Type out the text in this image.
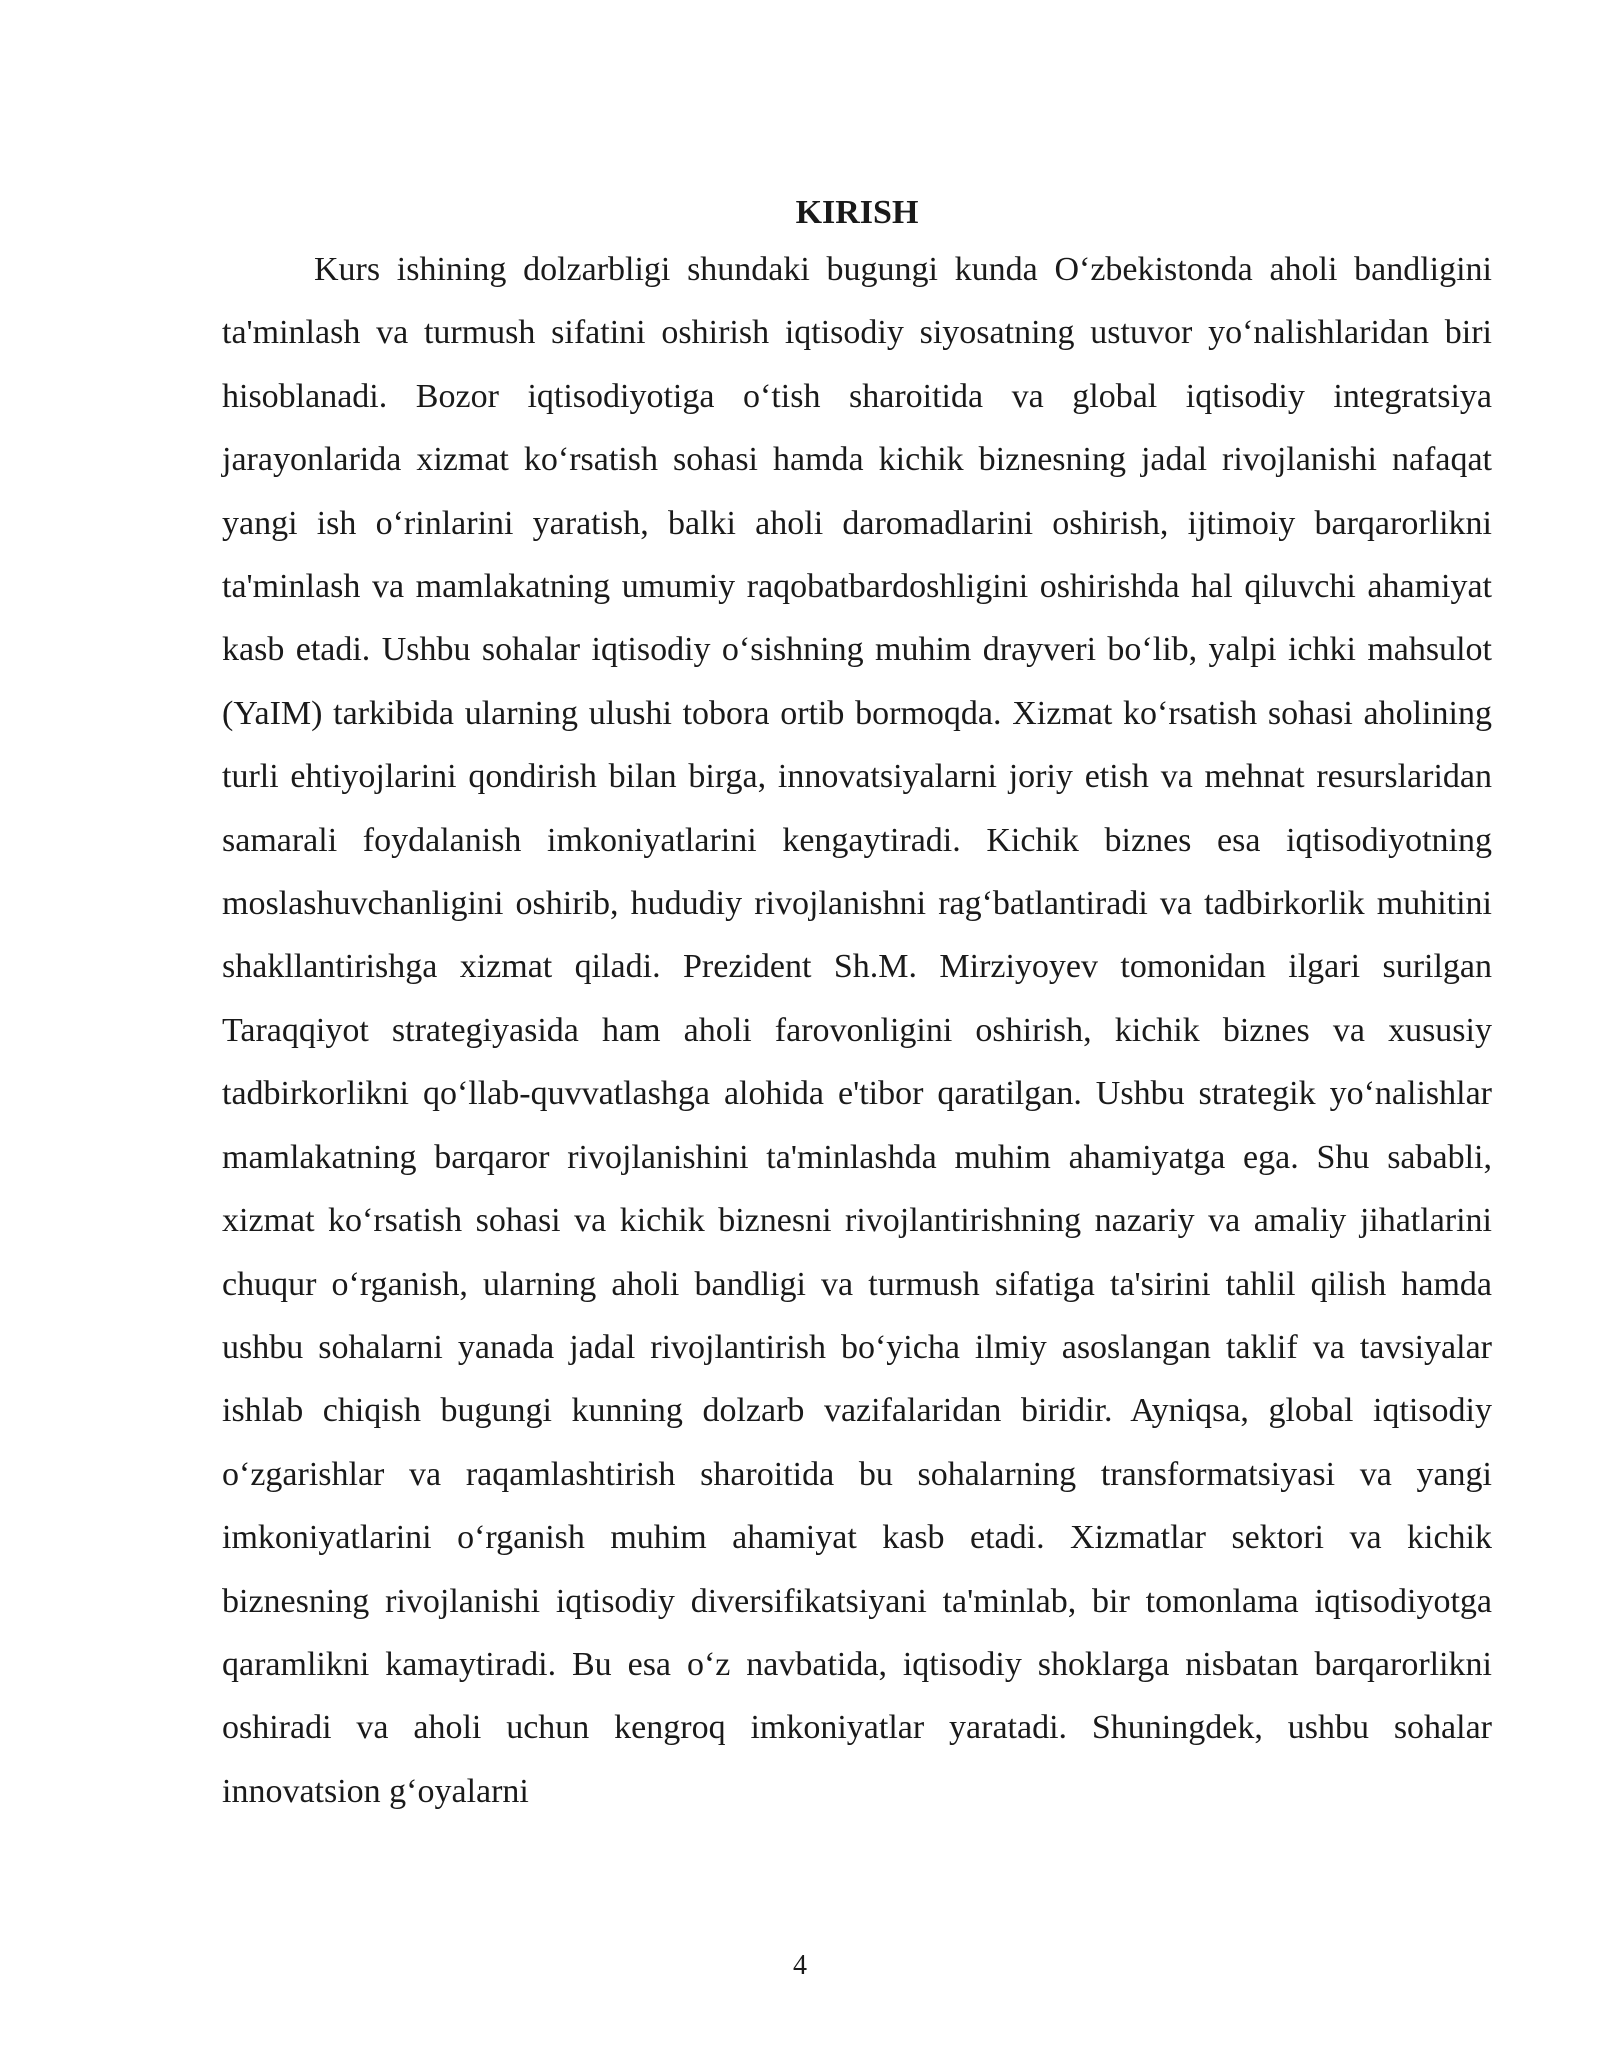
KIRISH

Kurs ishining dolzarbligi shundaki bugungi kunda O‘zbekistonda aholi bandligini ta'minlash va turmush sifatini oshirish iqtisodiy siyosatning ustuvor yo‘nalishlaridan biri hisoblanadi. Bozor iqtisodiyotiga o‘tish sharoitida va global iqtisodiy integratsiya jarayonlarida xizmat ko‘rsatish sohasi hamda kichik biznesning jadal rivojlanishi nafaqat yangi ish o‘rinlarini yaratish, balki aholi daromadlarini oshirish, ijtimoiy barqarorlikni ta'minlash va mamlakatning umumiy raqobatbardoshligini oshirishda hal qiluvchi ahamiyat kasb etadi. Ushbu sohalar iqtisodiy o‘sishning muhim drayveri bo‘lib, yalpi ichki mahsulot (YaIM) tarkibida ularning ulushi tobora ortib bormoqda. Xizmat ko‘rsatish sohasi aholining turli ehtiyojlarini qondirish bilan birga, innovatsiyalarni joriy etish va mehnat resurslaridan samarali foydalanish imkoniyatlarini kengaytiradi. Kichik biznes esa iqtisodiyotning moslashuvchanligini oshirib, hududiy rivojlanishni rag‘batlantiradi va tadbirkorlik muhitini shakllantirishga xizmat qiladi. Prezident Sh.M. Mirziyoyev tomonidan ilgari surilgan Taraqqiyot strategiyasida ham aholi farovonligini oshirish, kichik biznes va xususiy tadbirkorlikni qo‘llab-quvvatlashga alohida e'tibor qaratilgan. Ushbu strategik yo‘nalishlar mamlakatning barqaror rivojlanishini ta'minlashda muhim ahamiyatga ega. Shu sababli, xizmat ko‘rsatish sohasi va kichik biznesni rivojlantirishning nazariy va amaliy jihatlarini chuqur o‘rganish, ularning aholi bandligi va turmush sifatiga ta'sirini tahlil qilish hamda ushbu sohalarni yanada jadal rivojlantirish bo‘yicha ilmiy asoslangan taklif va tavsiyalar ishlab chiqish bugungi kunning dolzarb vazifalaridan biridir. Ayniqsa, global iqtisodiy o‘zgarishlar va raqamlashtirish sharoitida bu sohalarning transformatsiyasi va yangi imkoniyatlarini o‘rganish muhim ahamiyat kasb etadi. Xizmatlar sektori va kichik biznesning rivojlanishi iqtisodiy diversifikatsiyani ta'minlab, bir tomonlama iqtisodiyotga qaramlikni kamaytiradi. Bu esa o‘z navbatida, iqtisodiy shoklarga nisbatan barqarorlikni oshiradi va aholi uchun kengroq imkoniyatlar yaratadi. Shuningdek, ushbu sohalar innovatsion g‘oyalarni

4
